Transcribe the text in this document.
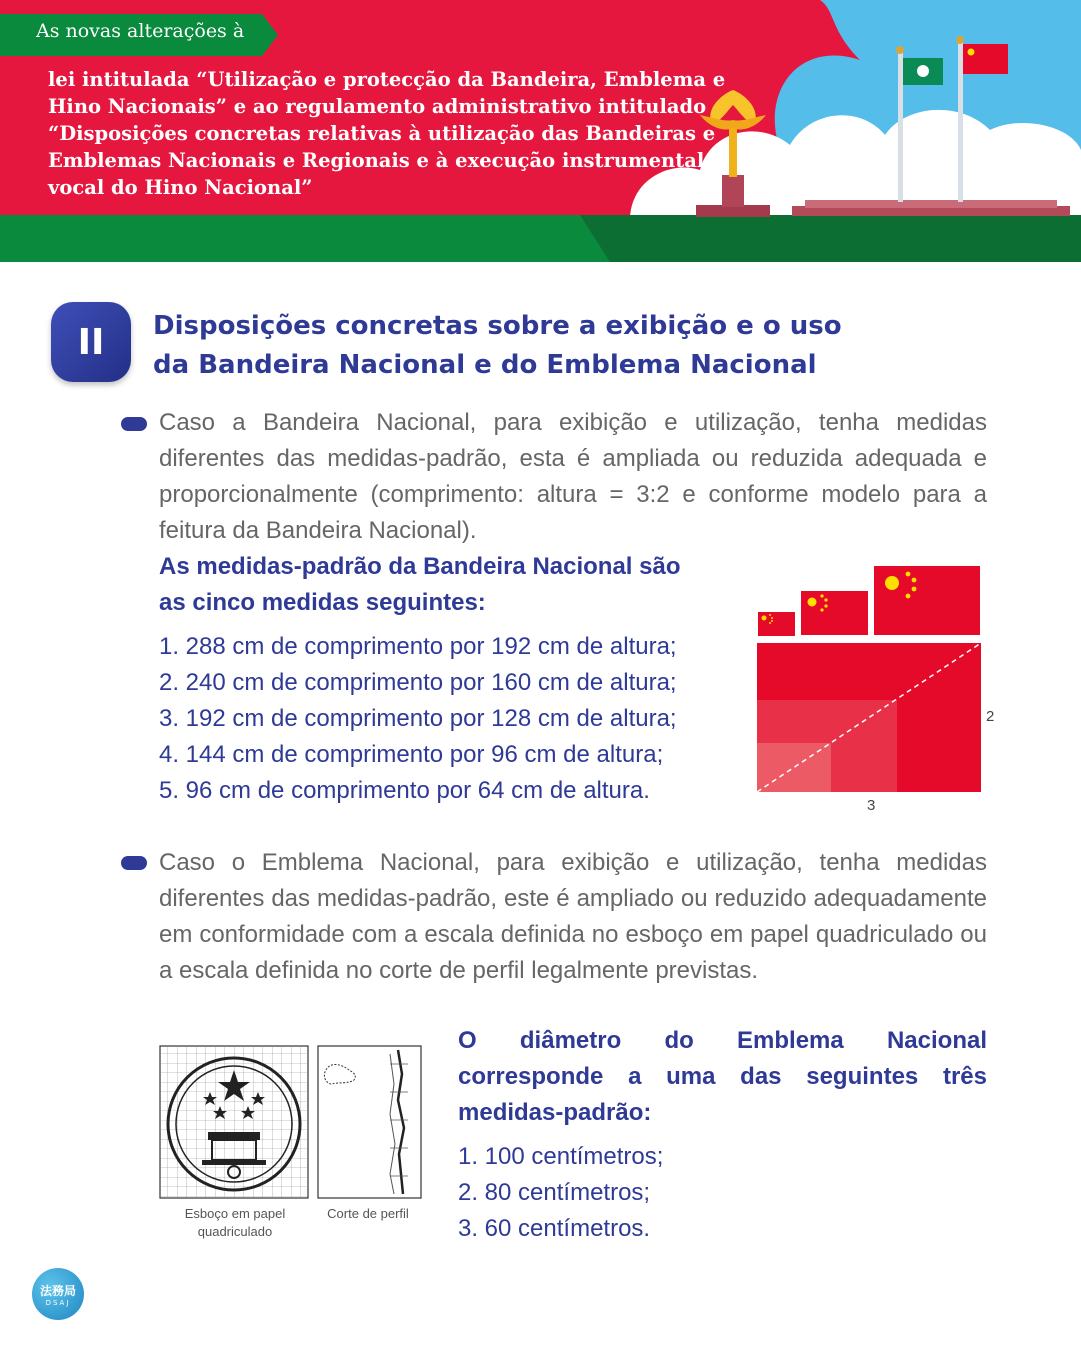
As novas alterações à

lei intitulada “Utilização e protecção da Bandeira, Emblema e Hino Nacionais” e ao regulamento administrativo intitulado “Disposições concretas relativas à utilização das Bandeiras e Emblemas Nacionais e Regionais e à execução instrumental e vocal do Hino Nacional”

II	Disposições concretas sobre a exibição e o uso
da Bandeira Nacional e do Emblema Nacional

Caso a Bandeira Nacional, para exibição e utilização, tenha medidas diferentes das medidas-padrão, esta é ampliada ou reduzida adequada e proporcionalmente (comprimento: altura = 3:2 e conforme modelo para a feitura da Bandeira Nacional).

As medidas-padrão da Bandeira Nacional são
as cinco medidas seguintes:

1. 288 cm de comprimento por 192 cm de altura;
2. 240 cm de comprimento por 160 cm de altura;
3. 192 cm de comprimento por 128 cm de altura;
4. 144 cm de comprimento por 96 cm de altura;
5. 96 cm de comprimento por 64 cm de altura.
2
3

Caso o Emblema Nacional, para exibição e utilização, tenha medidas diferentes das medidas-padrão, este é ampliado ou reduzido adequadamente em conformidade com a escala definida no esboço em papel quadriculado ou a escala definida no corte de perfil legalmente previstas.

Esboço em papel
quadriculado
Corte de perfil

O diâmetro do Emblema Nacional corresponde a uma das seguintes três medidas-padrão:

1. 100 centímetros;
2. 80 centímetros;
3. 60 centímetros.
法務局
DSAJ
